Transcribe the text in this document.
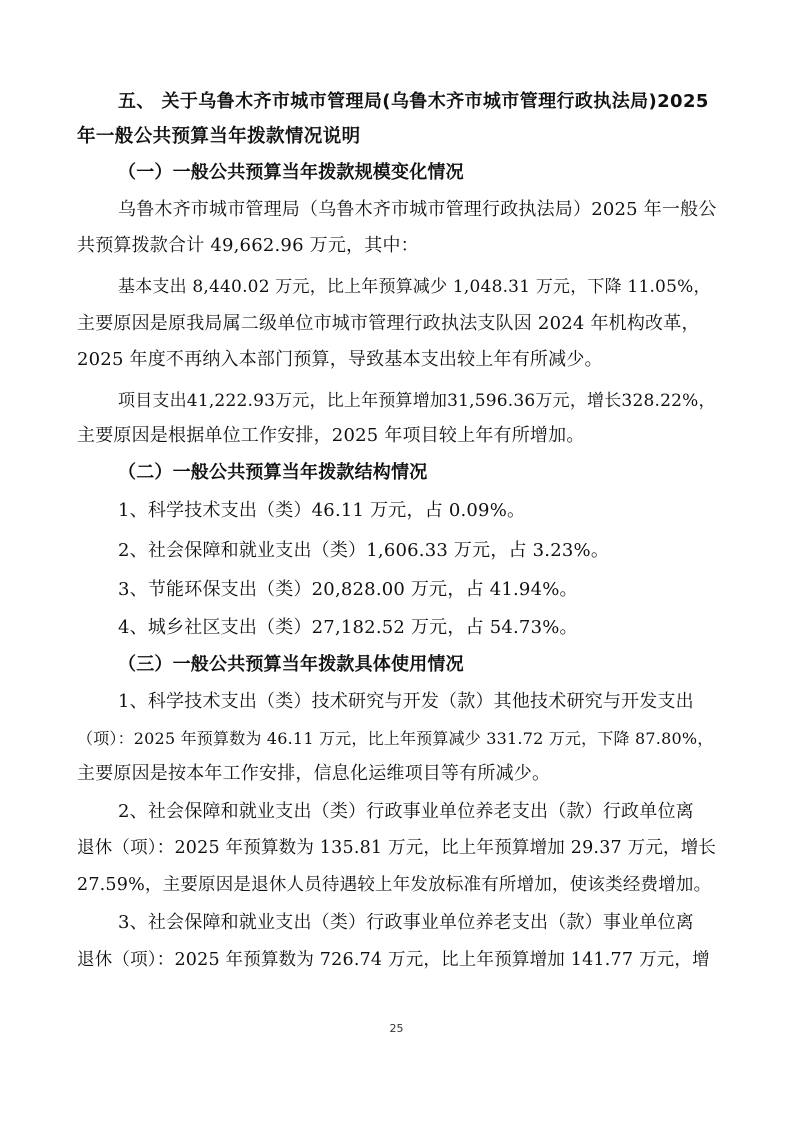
五、 关于乌鲁木齐市城市管理局(乌鲁木齐市城市管理行政执法局)2025
年一般公共预算当年拨款情况说明
（一）一般公共预算当年拨款规模变化情况
乌鲁木齐市城市管理局（乌鲁木齐市城市管理行政执法局）2025 年一般公
共预算拨款合计 49,662.96 万元，其中：
基本支出 8,440.02 万元，比上年预算减少 1,048.31 万元，下降 11.05%，
主要原因是原我局属二级单位市城市管理行政执法支队因 2024 年机构改革，
2025 年度不再纳入本部门预算，导致基本支出较上年有所减少。
项目支出41,222.93万元，比上年预算增加31,596.36万元，增长328.22%，
主要原因是根据单位工作安排，2025 年项目较上年有所增加。
（二）一般公共预算当年拨款结构情况
1、科学技术支出（类）46.11 万元，占 0.09%。
2、社会保障和就业支出（类）1,606.33 万元，占 3.23%。
3、节能环保支出（类）20,828.00 万元，占 41.94%。
4、城乡社区支出（类）27,182.52 万元，占 54.73%。
（三）一般公共预算当年拨款具体使用情况
1、科学技术支出（类）技术研究与开发（款）其他技术研究与开发支出
（项）：2025 年预算数为 46.11 万元，比上年预算减少 331.72 万元，下降 87.80%，
主要原因是按本年工作安排，信息化运维项目等有所减少。
2、社会保障和就业支出（类）行政事业单位养老支出（款）行政单位离
退休（项）：2025 年预算数为 135.81 万元，比上年预算增加 29.37 万元，增长
27.59%，主要原因是退休人员待遇较上年发放标准有所增加，使该类经费增加。
3、社会保障和就业支出（类）行政事业单位养老支出（款）事业单位离
退休（项）：2025 年预算数为 726.74 万元，比上年预算增加 141.77 万元，增
25
